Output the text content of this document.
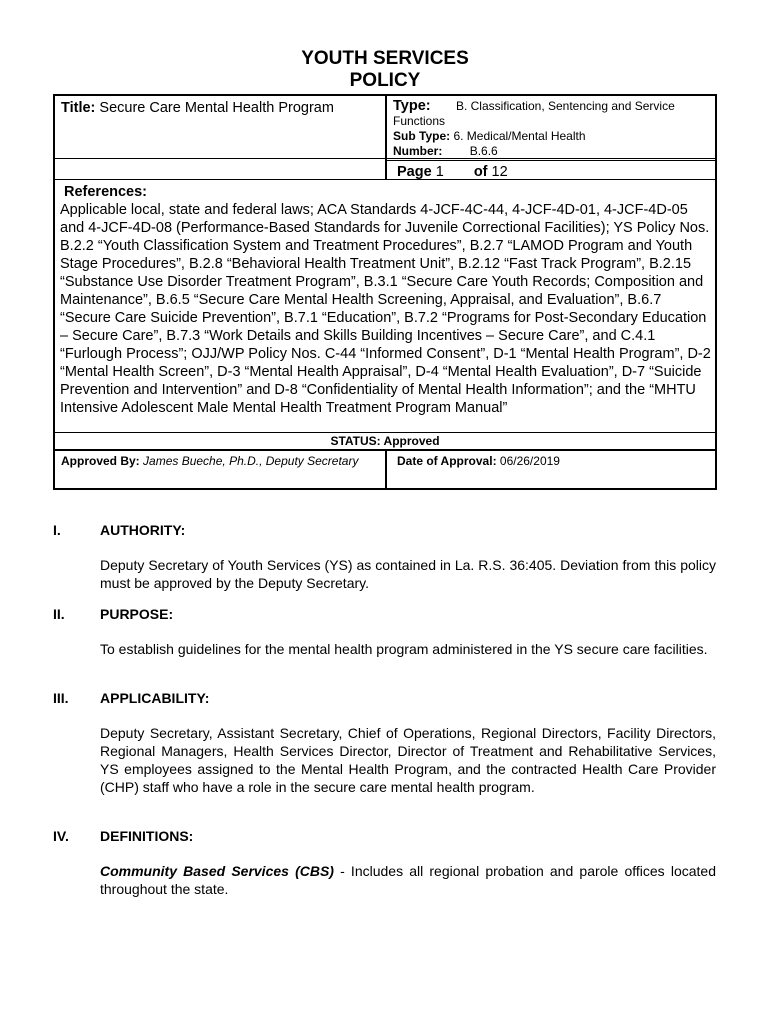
YOUTH SERVICES
POLICY
Title: Secure Care Mental Health Program	Type: B. Classification, Sentencing and Service Functions
Sub Type: 6. Medical/Mental Health
Number: B.6.6
Page 1 of 12
References:
Applicable local, state and federal laws; ACA Standards 4-JCF-4C-44, 4-JCF-4D-01, 4-JCF-4D-05 and 4-JCF-4D-08 (Performance-Based Standards for Juvenile Correctional Facilities); YS Policy Nos. B.2.2 “Youth Classification System and Treatment Procedures”, B.2.7 “LAMOD Program and Youth Stage Procedures”, B.2.8 “Behavioral Health Treatment Unit”, B.2.12 “Fast Track Program”, B.2.15 “Substance Use Disorder Treatment Program”, B.3.1 “Secure Care Youth Records; Composition and Maintenance”, B.6.5 “Secure Care Mental Health Screening, Appraisal, and Evaluation”, B.6.7 “Secure Care Suicide Prevention”, B.7.1 “Education”, B.7.2 “Programs for Post-Secondary Education – Secure Care”, B.7.3 “Work Details and Skills Building Incentives – Secure Care”, and C.4.1 “Furlough Process”; OJJ/WP Policy Nos. C-44 “Informed Consent”, D-1 “Mental Health Program”, D-2 “Mental Health Screen”, D-3 “Mental Health Appraisal”, D-4 “Mental Health Evaluation”, D-7 “Suicide Prevention and Intervention” and D-8 “Confidentiality of Mental Health Information”; and the “MHTU Intensive Adolescent Male Mental Health Treatment Program Manual”
STATUS: Approved
Approved By: James Bueche, Ph.D., Deputy Secretary	Date of Approval: 06/26/2019
I.	AUTHORITY:
Deputy Secretary of Youth Services (YS) as contained in La. R.S. 36:405. Deviation from this policy must be approved by the Deputy Secretary.
II.	PURPOSE:
To establish guidelines for the mental health program administered in the YS secure care facilities.
III. APPLICABILITY:
Deputy Secretary, Assistant Secretary, Chief of Operations, Regional Directors, Facility Directors, Regional Managers, Health Services Director, Director of Treatment and Rehabilitative Services, YS employees assigned to the Mental Health Program, and the contracted Health Care Provider (CHP) staff who have a role in the secure care mental health program.
IV. DEFINITIONS:
Community Based Services (CBS) - Includes all regional probation and parole offices located throughout the state.
